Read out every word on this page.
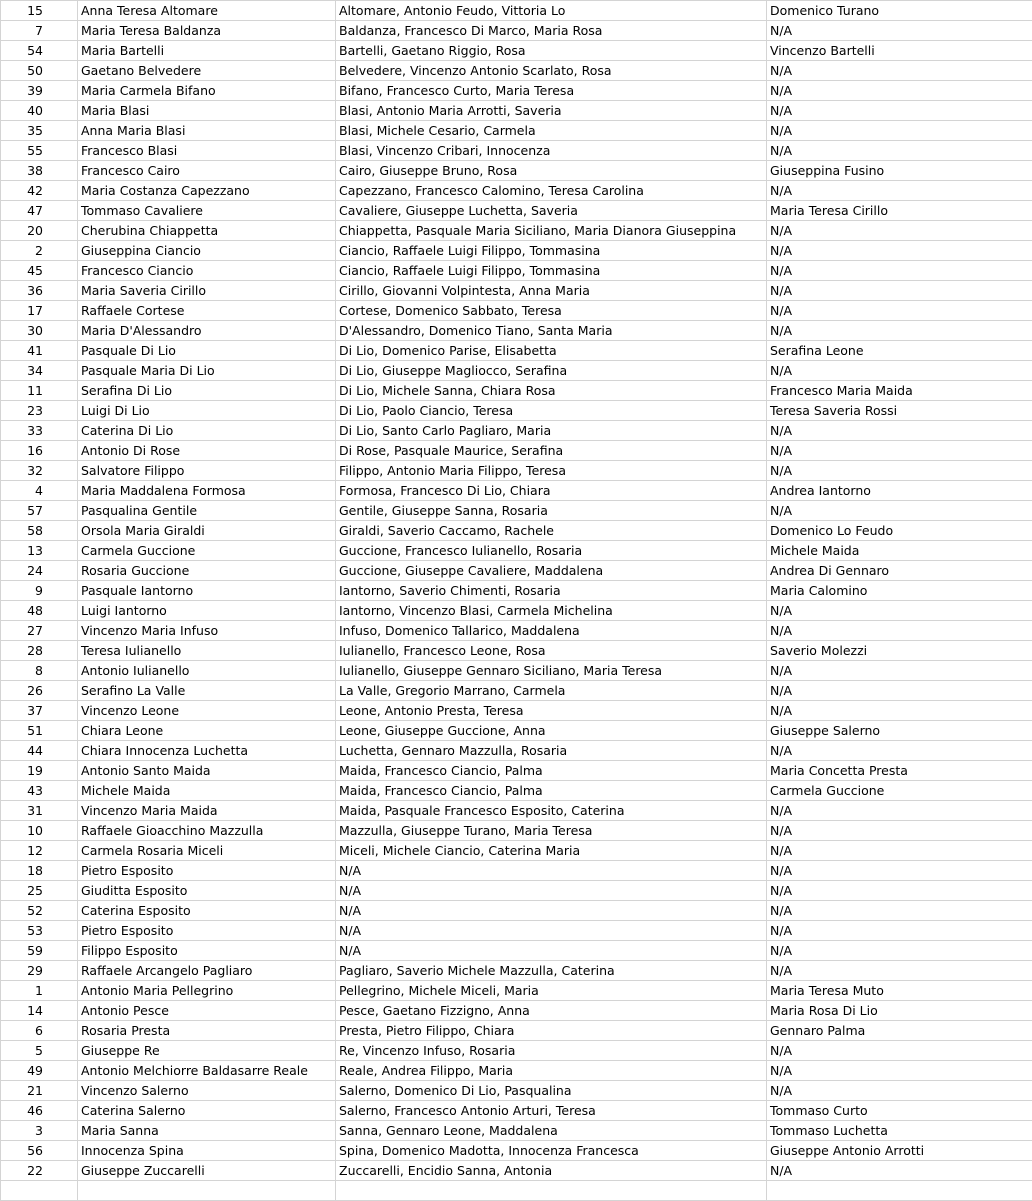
15	Anna Teresa Altomare	Altomare, Antonio Feudo, Vittoria Lo	Domenico Turano
7	Maria Teresa Baldanza	Baldanza, Francesco Di Marco, Maria Rosa	N/A
54	Maria Bartelli	Bartelli, Gaetano Riggio, Rosa	Vincenzo Bartelli
50	Gaetano Belvedere	Belvedere, Vincenzo Antonio Scarlato, Rosa	N/A
39	Maria Carmela Bifano	Bifano, Francesco Curto, Maria Teresa	N/A
40	Maria Blasi	Blasi, Antonio Maria Arrotti, Saveria	N/A
35	Anna Maria Blasi	Blasi, Michele Cesario, Carmela	N/A
55	Francesco Blasi	Blasi, Vincenzo Cribari, Innocenza	N/A
38	Francesco Cairo	Cairo, Giuseppe Bruno, Rosa	Giuseppina Fusino
42	Maria Costanza Capezzano	Capezzano, Francesco Calomino, Teresa Carolina	N/A
47	Tommaso Cavaliere	Cavaliere, Giuseppe Luchetta, Saveria	Maria Teresa Cirillo
20	Cherubina Chiappetta	Chiappetta, Pasquale Maria Siciliano, Maria Dianora Giuseppina	N/A
2	Giuseppina Ciancio	Ciancio, Raffaele Luigi Filippo, Tommasina	N/A
45	Francesco Ciancio	Ciancio, Raffaele Luigi Filippo, Tommasina	N/A
36	Maria Saveria Cirillo	Cirillo, Giovanni Volpintesta, Anna Maria	N/A
17	Raffaele Cortese	Cortese, Domenico Sabbato, Teresa	N/A
30	Maria D'Alessandro	D'Alessandro, Domenico Tiano, Santa Maria	N/A
41	Pasquale Di Lio	Di Lio, Domenico Parise, Elisabetta	Serafina Leone
34	Pasquale Maria Di Lio	Di Lio, Giuseppe Magliocco, Serafina	N/A
11	Serafina Di Lio	Di Lio, Michele Sanna, Chiara Rosa	Francesco Maria Maida
23	Luigi Di Lio	Di Lio, Paolo Ciancio, Teresa	Teresa Saveria Rossi
33	Caterina Di Lio	Di Lio, Santo Carlo Pagliaro, Maria	N/A
16	Antonio Di Rose	Di Rose, Pasquale Maurice, Serafina	N/A
32	Salvatore Filippo	Filippo, Antonio Maria Filippo, Teresa	N/A
4	Maria Maddalena Formosa	Formosa, Francesco Di Lio, Chiara	Andrea Iantorno
57	Pasqualina Gentile	Gentile, Giuseppe Sanna, Rosaria	N/A
58	Orsola Maria Giraldi	Giraldi, Saverio Caccamo, Rachele	Domenico Lo Feudo
13	Carmela Guccione	Guccione, Francesco Iulianello, Rosaria	Michele Maida
24	Rosaria Guccione	Guccione, Giuseppe Cavaliere, Maddalena	Andrea Di Gennaro
9	Pasquale Iantorno	Iantorno, Saverio Chimenti, Rosaria	Maria Calomino
48	Luigi Iantorno	Iantorno, Vincenzo Blasi, Carmela Michelina	N/A
27	Vincenzo Maria Infuso	Infuso, Domenico Tallarico, Maddalena	N/A
28	Teresa Iulianello	Iulianello, Francesco Leone, Rosa	Saverio Molezzi
8	Antonio Iulianello	Iulianello, Giuseppe Gennaro Siciliano, Maria Teresa	N/A
26	Serafino La Valle	La Valle, Gregorio Marrano, Carmela	N/A
37	Vincenzo Leone	Leone, Antonio Presta, Teresa	N/A
51	Chiara Leone	Leone, Giuseppe Guccione, Anna	Giuseppe Salerno
44	Chiara Innocenza Luchetta	Luchetta, Gennaro Mazzulla, Rosaria	N/A
19	Antonio Santo Maida	Maida, Francesco Ciancio, Palma	Maria Concetta Presta
43	Michele Maida	Maida, Francesco Ciancio, Palma	Carmela Guccione
31	Vincenzo Maria Maida	Maida, Pasquale Francesco Esposito, Caterina	N/A
10	Raffaele Gioacchino Mazzulla	Mazzulla, Giuseppe Turano, Maria Teresa	N/A
12	Carmela Rosaria Miceli	Miceli, Michele Ciancio, Caterina Maria	N/A
18	Pietro Esposito	N/A	N/A
25	Giuditta Esposito	N/A	N/A
52	Caterina Esposito	N/A	N/A
53	Pietro Esposito	N/A	N/A
59	Filippo Esposito	N/A	N/A
29	Raffaele Arcangelo Pagliaro	Pagliaro, Saverio Michele Mazzulla, Caterina	N/A
1	Antonio Maria Pellegrino	Pellegrino, Michele Miceli, Maria	Maria Teresa Muto
14	Antonio Pesce	Pesce, Gaetano Fizzigno, Anna	Maria Rosa Di Lio
6	Rosaria Presta	Presta, Pietro Filippo, Chiara	Gennaro Palma
5	Giuseppe Re	Re, Vincenzo Infuso, Rosaria	N/A
49	Antonio Melchiorre Baldasarre Reale	Reale, Andrea Filippo, Maria	N/A
21	Vincenzo Salerno	Salerno, Domenico Di Lio, Pasqualina	N/A
46	Caterina Salerno	Salerno, Francesco Antonio Arturi, Teresa	Tommaso Curto
3	Maria Sanna	Sanna, Gennaro Leone, Maddalena	Tommaso Luchetta
56	Innocenza Spina	Spina, Domenico Madotta, Innocenza Francesca	Giuseppe Antonio Arrotti
22	Giuseppe Zuccarelli	Zuccarelli, Encidio Sanna, Antonia	N/A
